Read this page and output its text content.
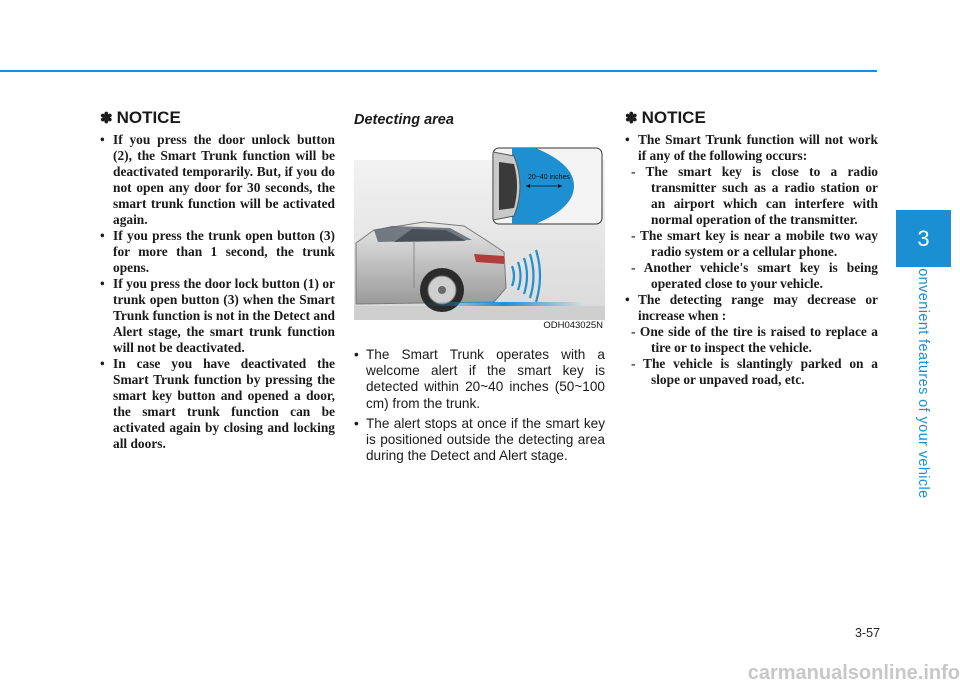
3
Convenient features of your vehicle
✽ NOTICE
• If you press the door unlock button (2), the Smart Trunk function will be deactivated temporarily. But, if you do not open any door for 30 seconds, the smart trunk function will be activated again.
• If you press the trunk open button (3) for more than 1 second, the trunk opens.
• If you press the door lock button (1) or trunk open button (3) when the Smart Trunk function is not in the Detect and Alert stage, the smart trunk function will not be deactivated.
• In case you have deactivated the Smart Trunk function by pressing the smart key button and opened a door, the smart trunk function can be activated again by closing and locking all doors.
Detecting area
20~40 inches
ODH043025N
• The Smart Trunk operates with a welcome alert if the smart key is detected within 20~40 inches (50~100 cm) from the trunk.
• The alert stops at once if the smart key is positioned outside the detecting area during the Detect and Alert stage.
✽ NOTICE
• The Smart Trunk function will not work if any of the following occurs:
- The smart key is close to a radio transmitter such as a radio station or an airport which can interfere with normal operation of the transmitter.
- The smart key is near a mobile two way radio system or a cellular phone.
- Another vehicle's smart key is being operated close to your vehicle.
• The detecting range may decrease or increase when :
- One side of the tire is raised to replace a tire or to inspect the vehicle.
- The vehicle is slantingly parked on a slope or unpaved road, etc.
3-57
carmanualsonline.info
